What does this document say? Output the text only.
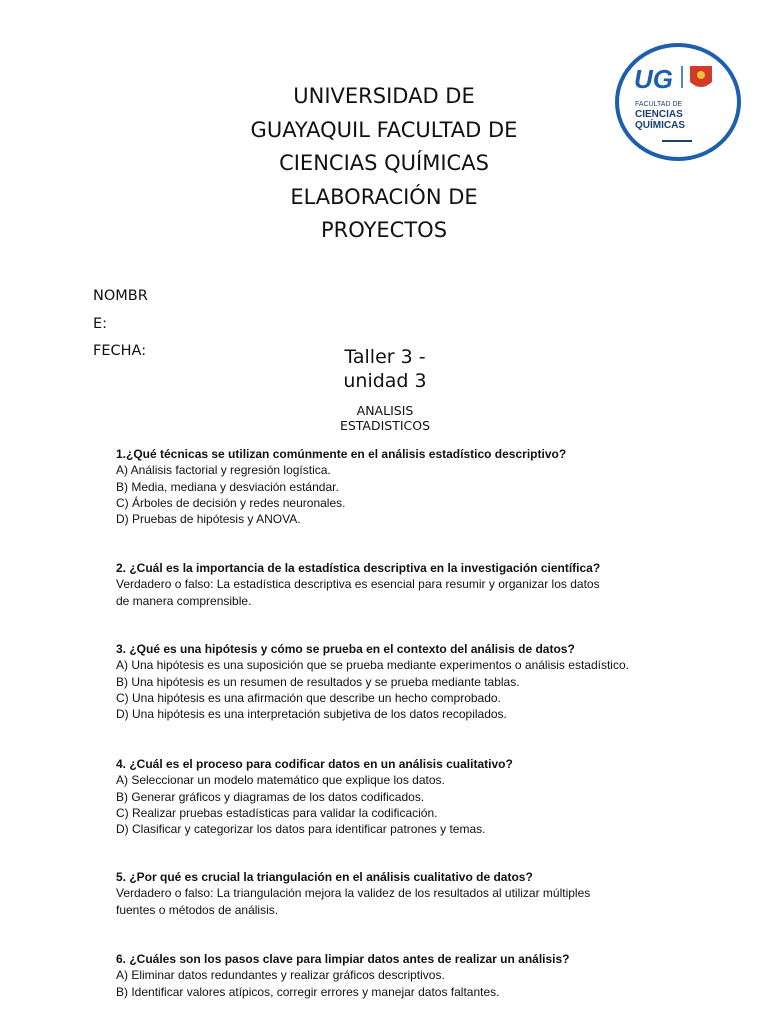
UNIVERSIDAD DE
GUAYAQUIL FACULTAD DE
CIENCIAS QUÍMICAS
ELABORACIÓN DE
PROYECTOS
UG
FACULTAD DE
CIENCIAS
QUÍMICAS
NOMBR
E:
FECHA:	Taller 3 -
unidad 3
ANALISIS
ESTADISTICOS
1.¿Qué técnicas se utilizan comúnmente en el análisis estadístico descriptivo?
A) Análisis factorial y regresión logística.
B) Media, mediana y desviación estándar.
C) Árboles de decisión y redes neuronales.
D) Pruebas de hipótesis y ANOVA.
2. ¿Cuál es la importancia de la estadística descriptiva en la investigación científica?
Verdadero o falso: La estadística descriptiva es esencial para resumir y organizar los datos
de manera comprensible.
3. ¿Qué es una hipótesis y cómo se prueba en el contexto del análisis de datos?
A) Una hipótesis es una suposición que se prueba mediante experimentos o análisis estadístico.
B) Una hipótesis es un resumen de resultados y se prueba mediante tablas.
C) Una hipótesis es una afirmación que describe un hecho comprobado.
D) Una hipótesis es una interpretación subjetiva de los datos recopilados.
4. ¿Cuál es el proceso para codificar datos en un análisis cualitativo?
A) Seleccionar un modelo matemático que explique los datos.
B) Generar gráficos y diagramas de los datos codificados.
C) Realizar pruebas estadísticas para validar la codificación.
D) Clasificar y categorizar los datos para identificar patrones y temas.
5. ¿Por qué es crucial la triangulación en el análisis cualitativo de datos?
Verdadero o falso: La triangulación mejora la validez de los resultados al utilizar múltiples
fuentes o métodos de análisis.
6. ¿Cuáles son los pasos clave para limpiar datos antes de realizar un análisis?
A) Eliminar datos redundantes y realizar gráficos descriptivos.
B) Identificar valores atípicos, corregir errores y manejar datos faltantes.
